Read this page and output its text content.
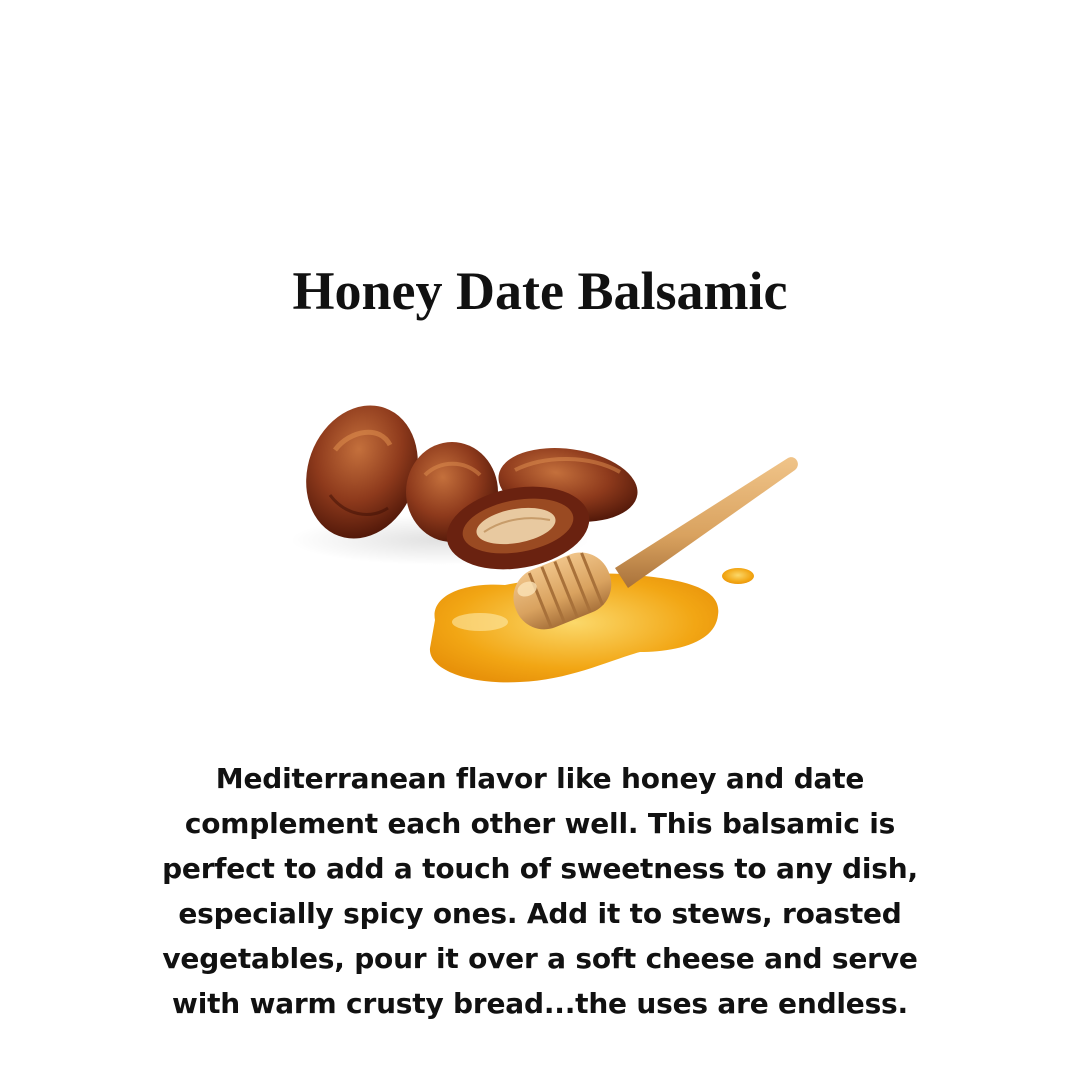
Honey Date Balsamic

Mediterranean flavor like honey and date complement each other well. This balsamic is perfect to add a touch of sweetness to any dish, especially spicy ones. Add it to stews, roasted vegetables, pour it over a soft cheese and serve with warm crusty bread...the uses are endless.
